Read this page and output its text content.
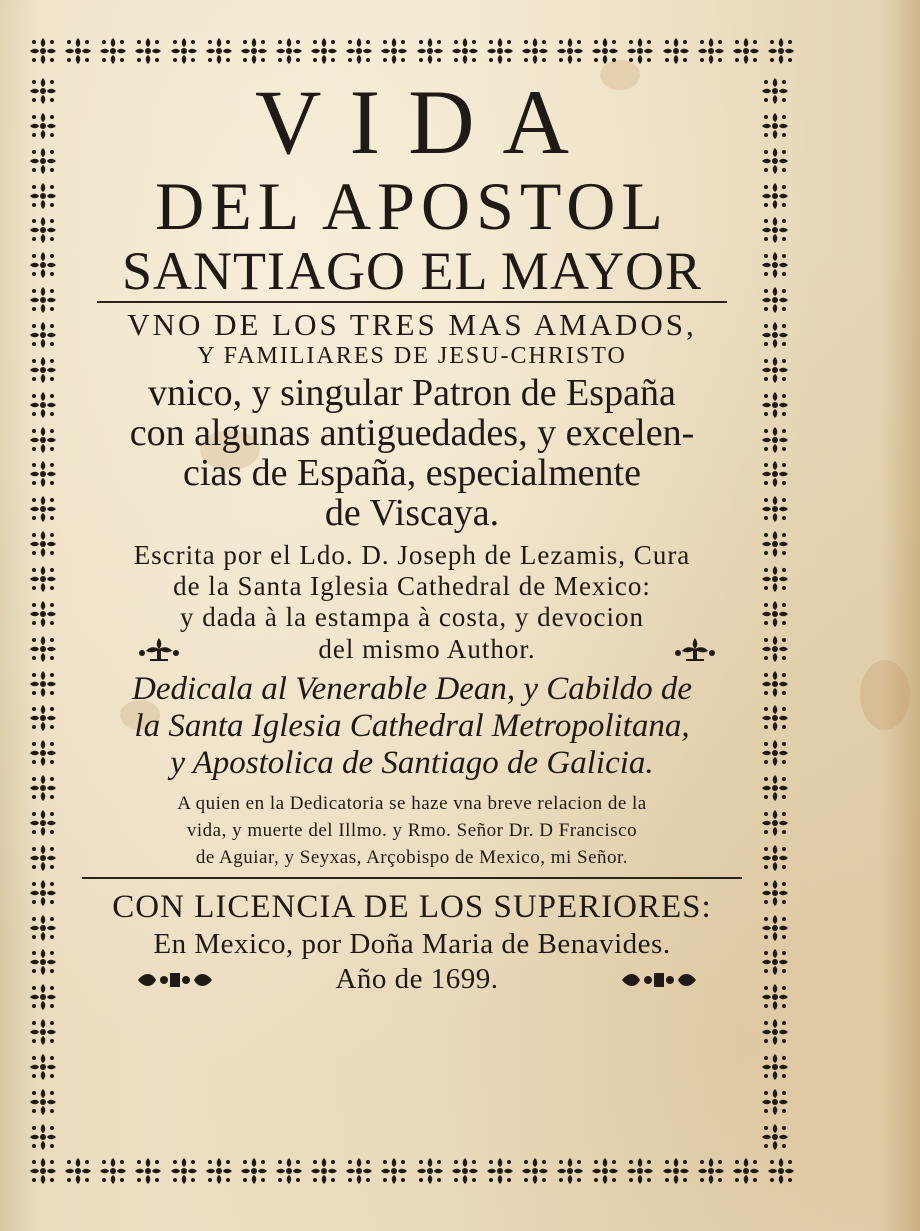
VIDA
DEL APOSTOL
SANTIAGO EL MAYOR
VNO DE LOS TRES MAS AMADOS,
Y FAMILIARES DE JESU-CHRISTO
vnico, y singular Patron de España
con algunas antiguedades, y excelen-
cias de España, especialmente
de Viscaya.
Escrita por el Ldo. D. Joseph de Lezamis, Cura
de la Santa Iglesia Cathedral de Mexico:
y dada à la estampa à costa, y devocion
del mismo Author.
Dedicala al Venerable Dean, y Cabildo de
la Santa Iglesia Cathedral Metropolitana,
y Apostolica de Santiago de Galicia.
A quien en la Dedicatoria se haze vna breve relacion de la
vida, y muerte del Illmo. y Rmo. Señor Dr. D Francisco
de Aguiar, y Seyxas, Arçobispo de Mexico, mi Señor.
CON LICENCIA DE LOS SUPERIORES:
En Mexico, por Doña Maria de Benavides.
Año de 1699.
